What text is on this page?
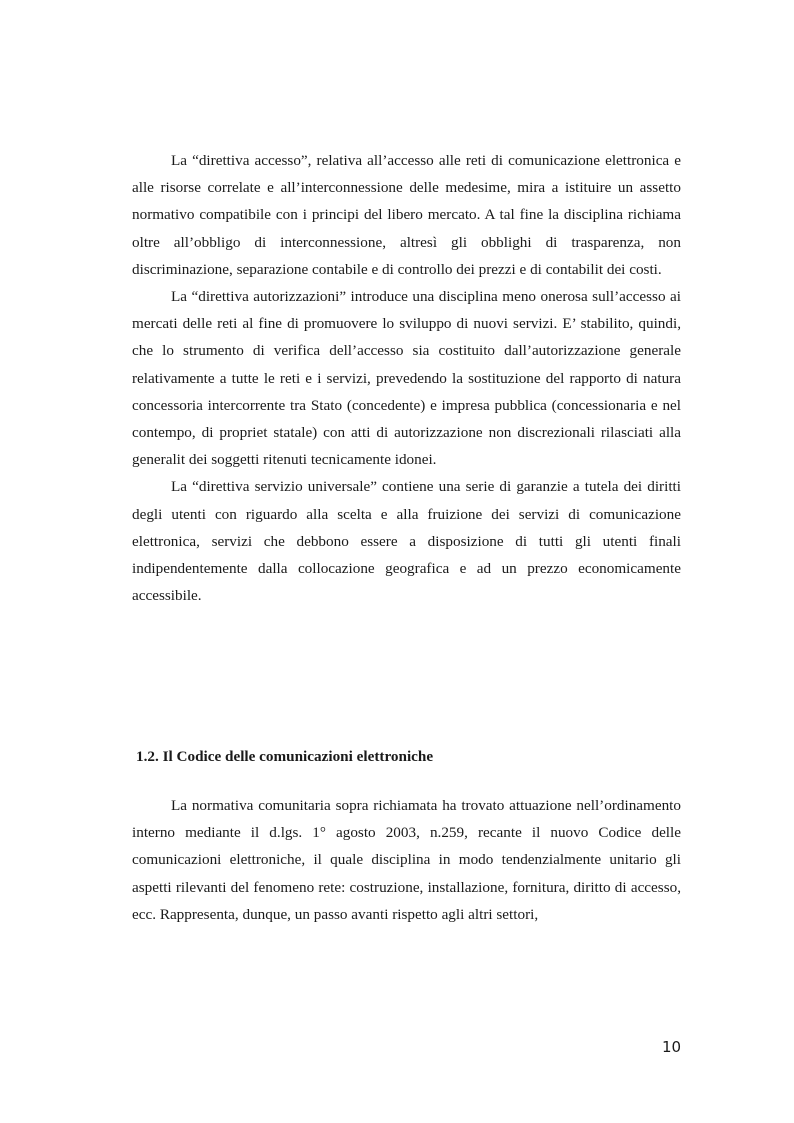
La “direttiva accesso”, relativa all’accesso alle reti di comunicazione elettronica e alle risorse correlate e all’interconnessione delle medesime, mira a istituire un assetto normativo compatibile con i principi del libero mercato. A tal fine la disciplina richiama oltre all’obbligo di interconnessione, altresì gli obblighi di trasparenza, non discriminazione, separazione contabile e di controllo dei prezzi e di contabilit dei costi.

La “direttiva autorizzazioni” introduce una disciplina meno onerosa sull’accesso ai mercati delle reti al fine di promuovere lo sviluppo di nuovi servizi. E’ stabilito, quindi, che lo strumento di verifica dell’accesso sia costituito dall’autorizzazione generale relativamente a tutte le reti e i servizi, prevedendo la sostituzione del rapporto di natura concessoria intercorrente tra Stato (concedente) e impresa pubblica (concessionaria e nel contempo, di propriet statale) con atti di autorizzazione non discrezionali rilasciati alla generalit dei soggetti ritenuti tecnicamente idonei.

La “direttiva servizio universale” contiene una serie di garanzie a tutela dei diritti degli utenti con riguardo alla scelta e alla fruizione dei servizi di comunicazione elettronica, servizi che debbono essere a disposizione di tutti gli utenti finali indipendentemente dalla collocazione geografica e ad un prezzo economicamente accessibile.

1.2. Il Codice delle comunicazioni elettroniche

La normativa comunitaria sopra richiamata ha trovato attuazione nell’ordinamento interno mediante il d.lgs. 1° agosto 2003, n.259, recante il nuovo Codice delle comunicazioni elettroniche, il quale disciplina in modo tendenzialmente unitario gli aspetti rilevanti del fenomeno rete: costruzione, installazione, fornitura, diritto di accesso, ecc. Rappresenta, dunque, un passo avanti rispetto agli altri settori,

10
